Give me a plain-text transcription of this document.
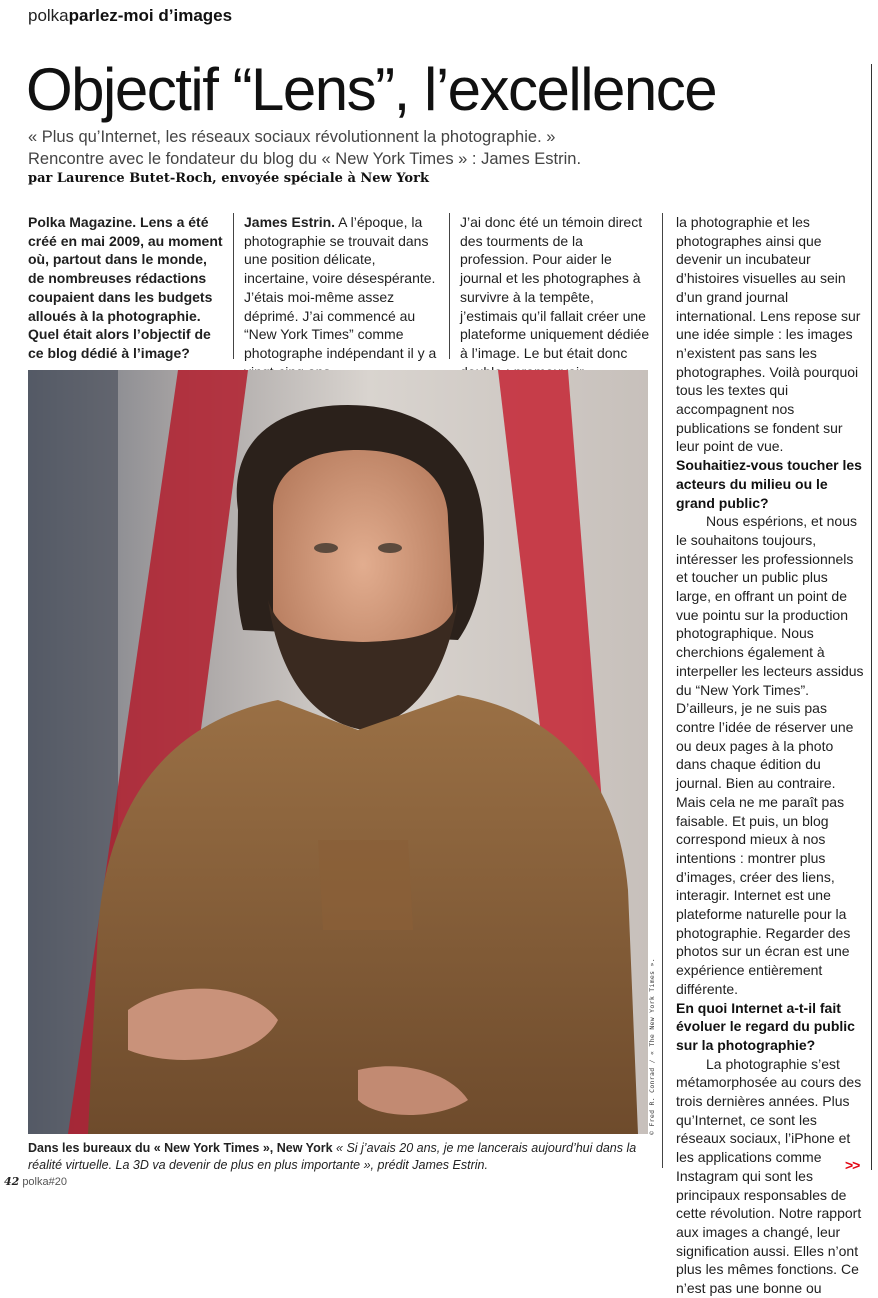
polkaparlez-moi d’images
Objectif “Lens”, l’excellence
« Plus qu’Internet, les réseaux sociaux révolutionnent la photographie. »
Rencontre avec le fondateur du blog du « New York Times » : James Estrin.
par Laurence Butet-Roch, envoyée spéciale à New York

Polka Magazine. Lens a été créé en mai 2009, au moment où, partout dans le monde, de nombreuses rédactions coupaient dans les budgets alloués à la photographie. Quel était alors l’objectif de ce blog dédié à l’image?

James Estrin. A l’époque, la photographie se trouvait dans une position délicate, incertaine, voire désespérante. J’étais moi-même assez déprimé. J’ai commencé au “New York Times” comme photographe indépendant il y a

J’ai donc été un témoin direct des tourments de la profession. Pour aider le journal et les photographes à survivre à la tempête, j’estimais qu’il fallait créer une plateforme uniquement dédiée à l’image. Le but était donc

la photographie et les photographes ainsi que devenir un incubateur d’histoires visuelles au sein d’un grand journal international. Lens repose sur une idée simple : les images n’existent pas sans les photographes. Voilà pourquoi tous les textes qui accompagnent nos publications se fondent sur leur point de vue.

Souhaitiez-vous toucher les acteurs du milieu ou le grand public?

Nous espérions, et nous le souhaitons toujours, intéresser les professionnels et toucher un public plus large, en offrant un point de vue pointu sur la production photographique. Nous cherchions également à interpeller les lecteurs assidus du “New York Times”. D’ailleurs, je ne suis pas contre l’idée de réserver une ou deux pages à la photo dans chaque édition du journal. Bien au contraire. Mais cela ne me paraît pas faisable. Et puis, un blog correspond mieux à nos intentions : montrer plus d’images, créer des liens, interagir. Internet est une plateforme naturelle pour la photographie. Regarder des photos sur un écran est une expérience entièrement différente.

En quoi Internet a-t-il fait évoluer le regard du public sur la photographie?

La photographie s’est métamorphosée au cours des trois dernières années. Plus qu’Internet, ce sont les réseaux sociaux, l’iPhone et les applications comme Instagram qui sont les principaux responsables de cette révolution. Notre rapport aux images a changé, leur signification aussi. Elles n’ont plus les mêmes fonctions. Ce n’est pas une bonne ou

© Fred R. Conrad / « The New York Times ».
Dans les bureaux du « New York Times », New York « Si j’avais 20 ans, je me lancerais aujourd’hui dans la réalité virtuelle. La 3D va devenir de plus en plus importante », prédit James Estrin.
42 polka#20
>>
